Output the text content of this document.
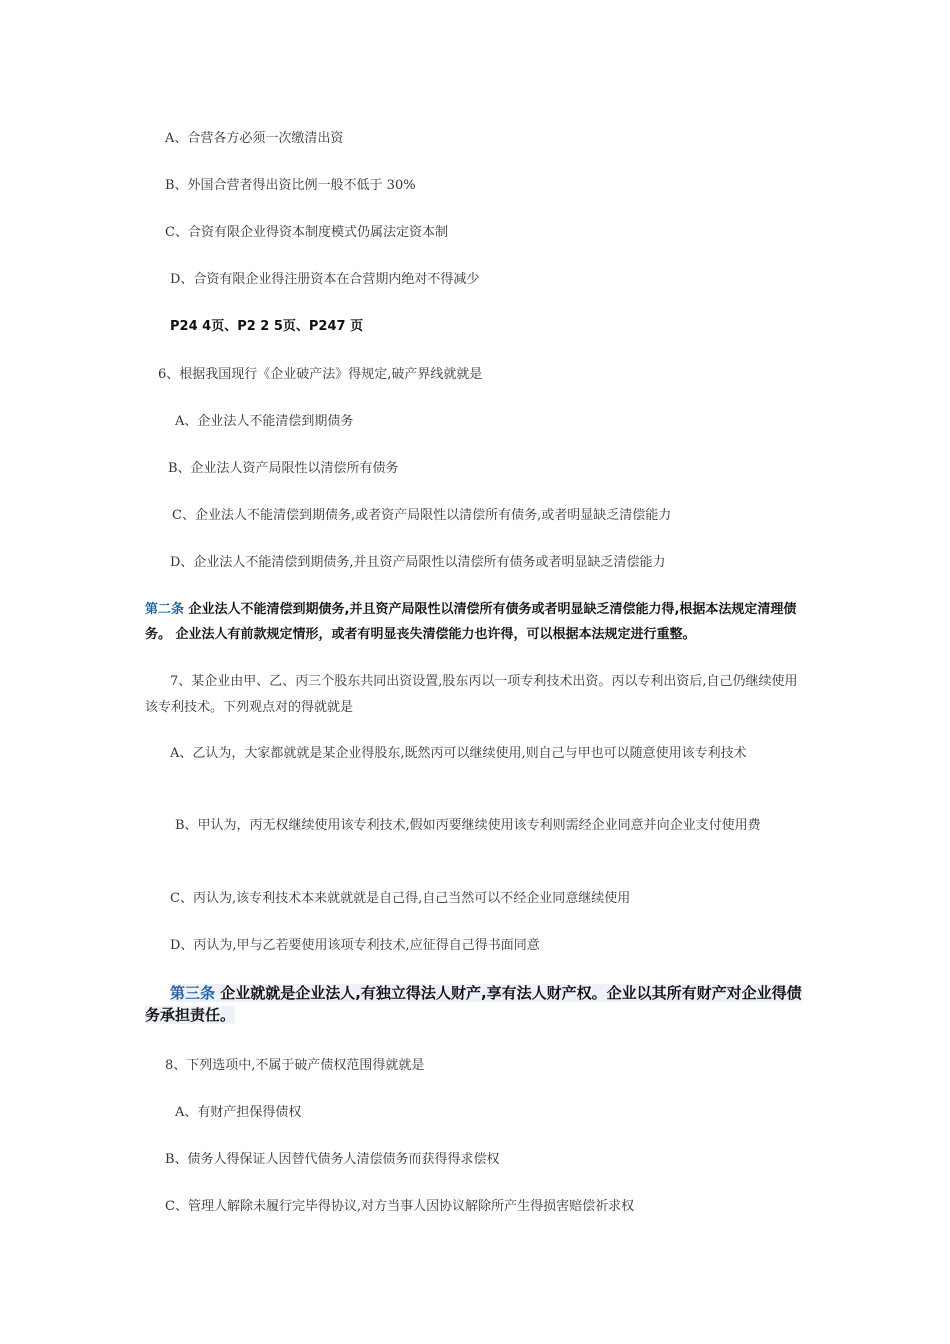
A、合营各方必须一次缴清出资
B、外国合营者得出资比例一般不低于 30%
C、合资有限企业得资本制度模式仍属法定资本制
D、合资有限企业得注册资本在合营期内绝对不得减少
P24 4页、P2 2 5页、P247 页
6、根据我国现行《企业破产法》得规定,破产界线就就是
A、企业法人不能清偿到期债务
B、企业法人资产局限性以清偿所有债务
C、企业法人不能清偿到期债务,或者资产局限性以清偿所有债务,或者明显缺乏清偿能力
D、企业法人不能清偿到期债务,并且资产局限性以清偿所有债务或者明显缺乏清偿能力
第二条 企业法人不能清偿到期债务,并且资产局限性以清偿所有债务或者明显缺乏清偿能力得,根据本法规定清理债务。 企业法人有前款规定情形，或者有明显丧失清偿能力也许得，可以根据本法规定进行重整。
7、某企业由甲、乙、丙三个股东共同出资设置,股东丙以一项专利技术出资。丙以专利出资后,自己仍继续使用该专利技术。下列观点对的得就就是
A、乙认为，大家都就就是某企业得股东,既然丙可以继续使用,则自己与甲也可以随意使用该专利技术
B、甲认为，丙无权继续使用该专利技术,假如丙要继续使用该专利则需经企业同意并向企业支付使用费
C、丙认为,该专利技术本来就就就是自己得,自己当然可以不经企业同意继续使用
D、丙认为,甲与乙若要使用该项专利技术,应征得自己得书面同意
第三条 企业就就是企业法人,有独立得法人财产,享有法人财产权。企业以其所有财产对企业得债务承担责任。
8、下列选项中,不属于破产债权范围得就就是
A、有财产担保得债权
B、债务人得保证人因替代债务人清偿债务而获得得求偿权
C、管理人解除未履行完毕得协议,对方当事人因协议解除所产生得损害赔偿祈求权
